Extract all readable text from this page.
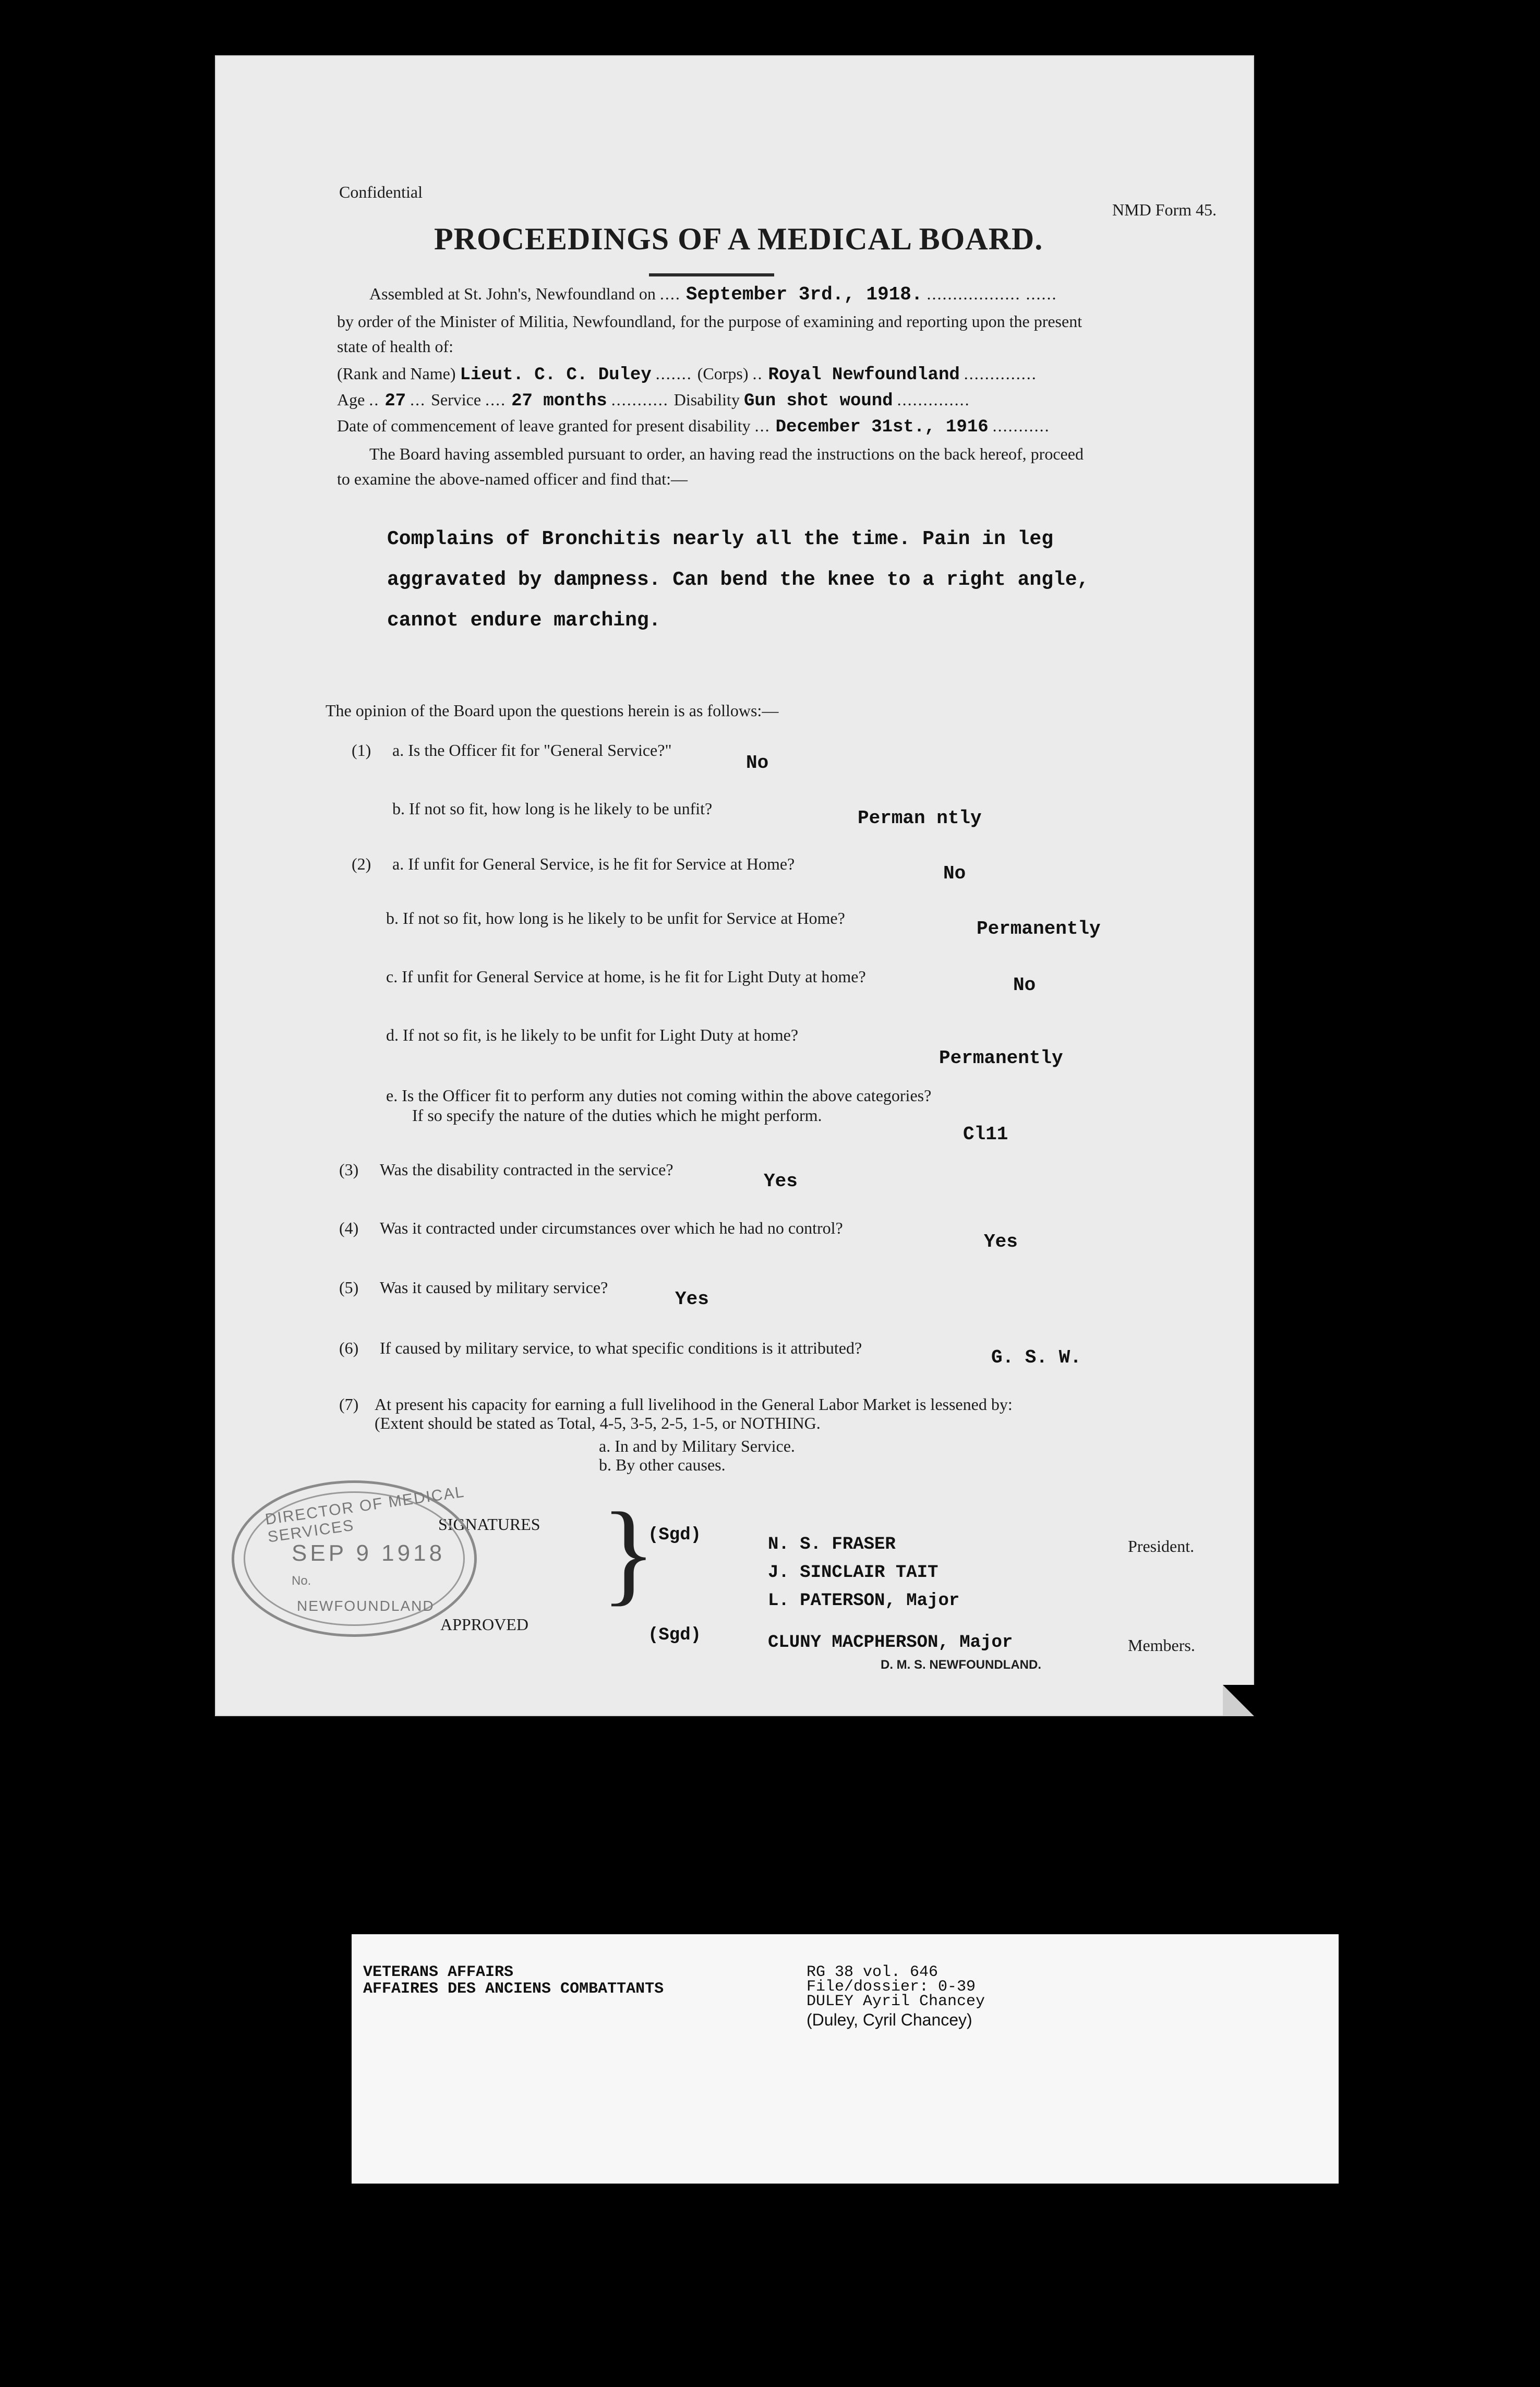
Confidential
NMD Form 45.
PROCEEDINGS OF A MEDICAL BOARD.
Assembled at St. John's, Newfoundland on .... September 3rd., 1918. .................. ......
by order of the Minister of Militia, Newfoundland, for the purpose of examining and reporting upon the present
state of health of:
(Rank and Name) Lieut. C. C. Duley ....... (Corps) .. Royal Newfoundland ..............
Age .. 27 ... Service .... 27 months ........... Disability Gun shot wound ..............
Date of commencement of leave granted for present disability ... December 31st., 1916 ...........
The Board having assembled pursuant to order, an having read the instructions on the back hereof, proceed
to examine the above-named officer and find that:—
Complains of Bronchitis nearly all the time. Pain in leg
aggravated by dampness. Can bend the knee to a right angle,
cannot endure marching.
The opinion of the Board upon the questions herein is as follows:—
(1) a. Is the Officer fit for "General Service?"
No
b. If not so fit, how long is he likely to be unfit?	Perman ntly
(2) a. If unfit for General Service, is he fit for Service at Home?	No
b. If not so fit, how long is he likely to be unfit for Service at Home?	Permanently
c. If unfit for General Service at home, is he fit for Light Duty at home?	No
d. If not so fit, is he likely to be unfit for Light Duty at home?
Permanently
e. Is the Officer fit to perform any duties not coming within the above categories?
If so specify the nature of the duties which he might perform.
Cl11
(3) Was the disability contracted in the service?
Yes
(4) Was it contracted under circumstances over which he had no control?
Yes
(5) Was it caused by military service?
Yes
(6) If caused by military service, to what specific conditions is it attributed?	G. S. W.
(7) At present his capacity for earning a full livelihood in the General Labor Market is lessened by:
(Extent should be stated as Total, 4-5, 3-5, 2-5, 1-5, or NOTHING.
a. In and by Military Service.
b. By other causes.
SIGNATURES
APPROVED
}
(Sgd)	N. S. FRASER
J. SINCLAIR TAIT
L. PATERSON, Major
(Sgd)	CLUNY MACPHERSON, Major
D. M. S. NEWFOUNDLAND.
President.
Members.
DIRECTOR OF MEDICAL SERVICES
SEP 9 1918
No.
NEWFOUNDLAND
VETERANS AFFAIRS
AFFAIRES DES ANCIENS COMBATTANTS
RG 38 vol. 646
File/dossier: 0-39
DULEY Ayril Chancey
(Duley, Cyril Chancey)
